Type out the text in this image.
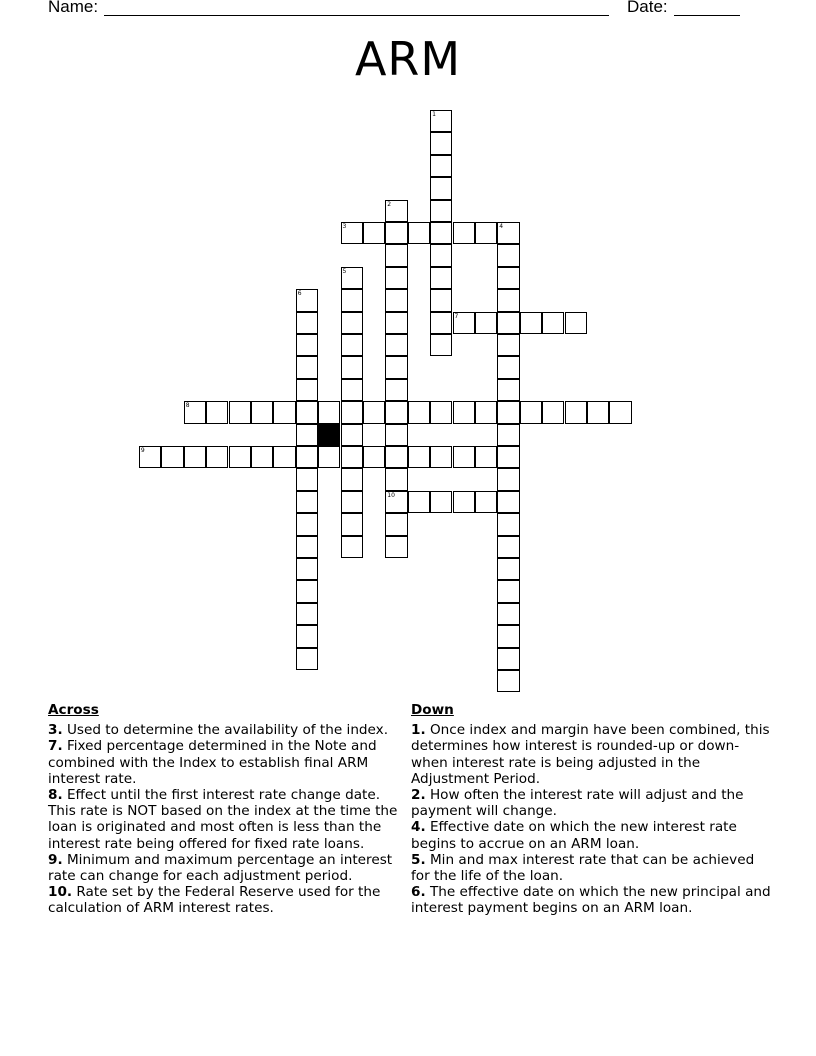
Name:	Date:
ARM
1
2
10
3	4
5
6
7
8
9
Across
3. Used to determine the availability of the index.
7. Fixed percentage determined in the Note and combined with the Index to establish final ARM interest rate.
8. Effect until the first interest rate change date. This rate is NOT based on the index at the time the loan is originated and most often is less than the interest rate being offered for fixed rate loans.
9. Minimum and maximum percentage an interest rate can change for each adjustment period.
10. Rate set by the Federal Reserve used for the calculation of ARM interest rates.
Down
1. Once index and margin have been combined, this determines how interest is rounded-up or down- when interest rate is being adjusted in the Adjustment Period.
2. How often the interest rate will adjust and the payment will change.
4. Effective date on which the new interest rate begins to accrue on an ARM loan.
5. Min and max interest rate that can be achieved for the life of the loan.
6. The effective date on which the new principal and interest payment begins on an ARM loan.
